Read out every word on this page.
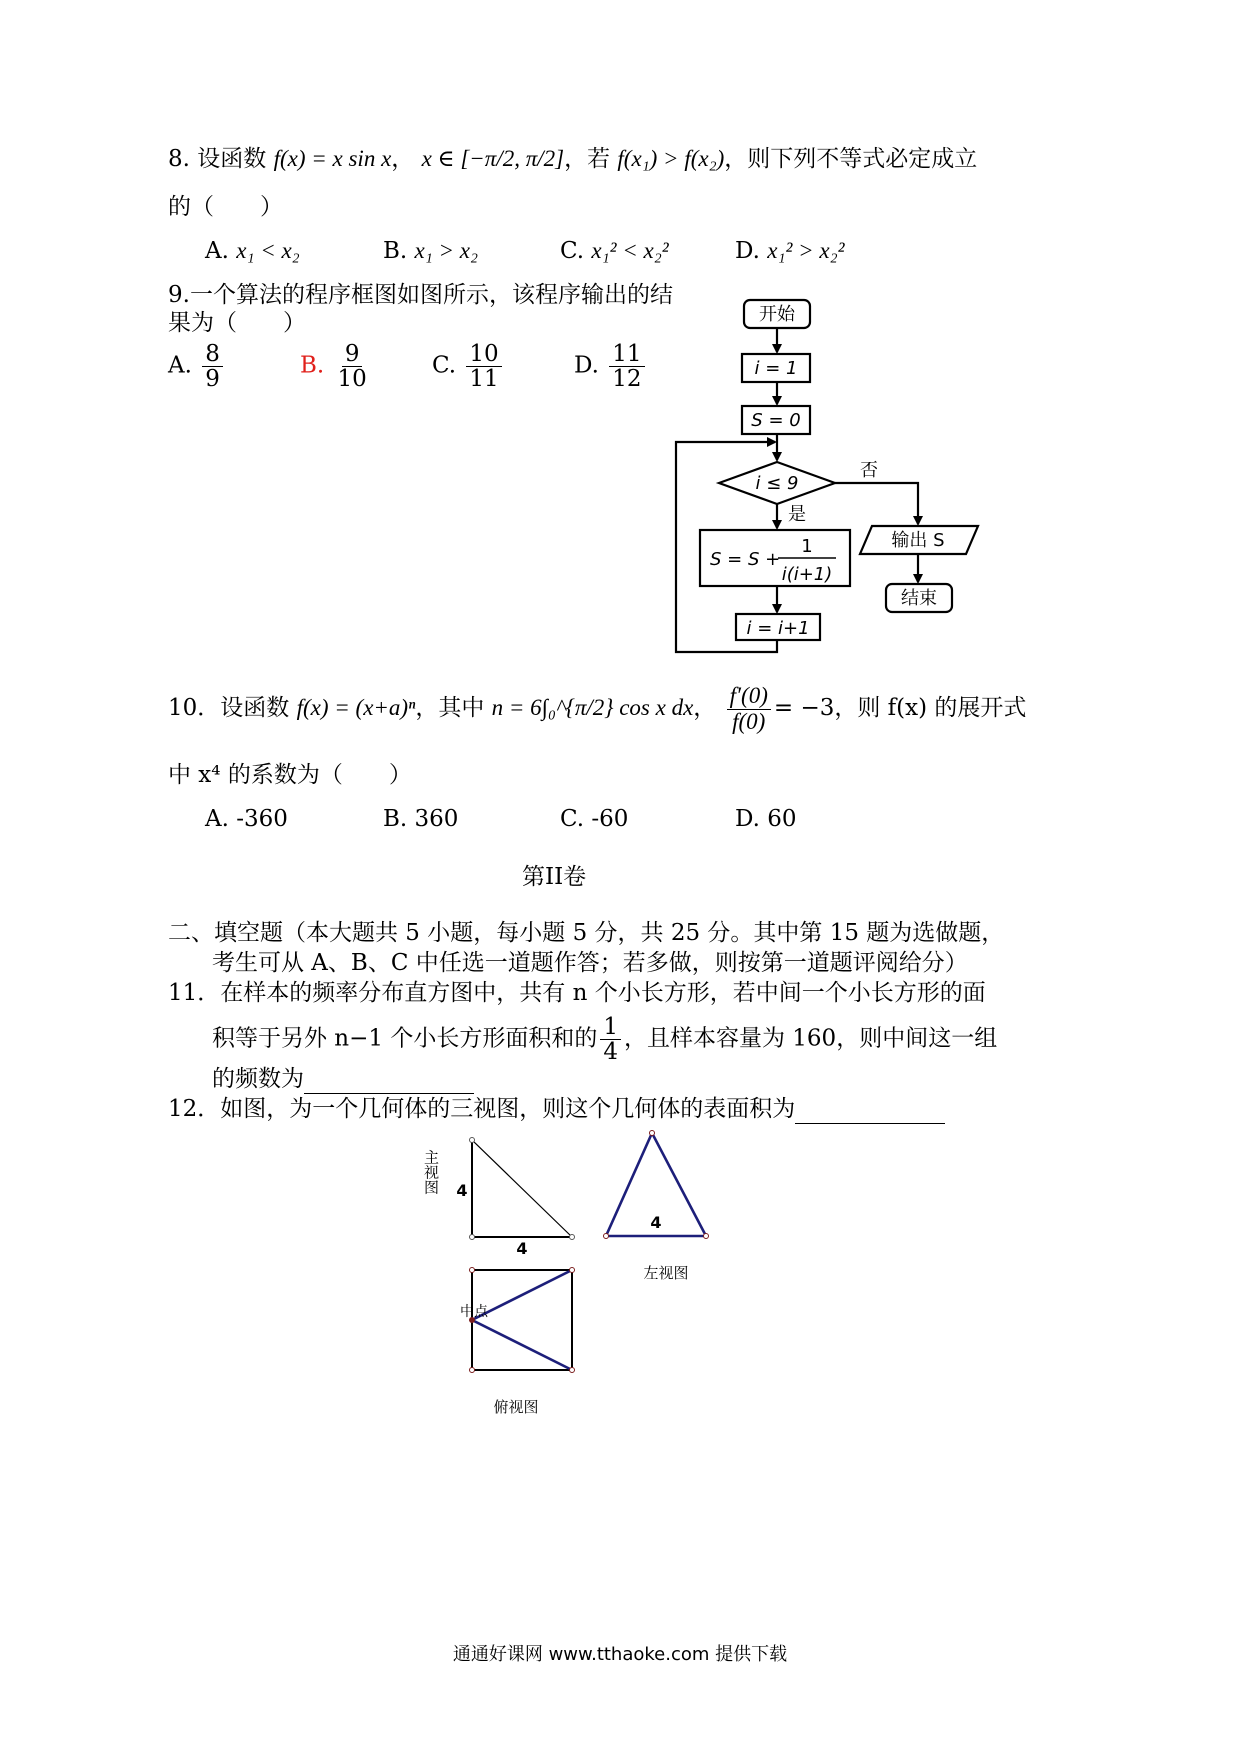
8. 设函数 f(x) = x sin x， x ∈ [−π/2, π/2]，若 f(x₁) > f(x₂)，则下列不等式必定成立
的（　　）
A. x₁ < x₂	B. x₁ > x₂	C. x₁² < x₂²	D. x₁² > x₂²
9.一个算法的程序框图如图所示，该程序输出的结
果为（　　）
A. $\frac{8}{9}$	B. $\frac{9}{10}$	C. $\frac{10}{11}$	D. $\frac{11}{12}$
开始
i = 1
S = 0
i ≤ 9
否
是
S = S +
1
i(i+1)
输出 S
结束
i = i+1
10．设函数 f(x) = (x+a)ⁿ，其中 n = 6∫₀^{π/2} cos x dx， $\frac{f'(0)}{f(0)} = -3$，则 f(x) 的展开式
中 x⁴ 的系数为（　　）
A. -360	B. 360	C. -60	D. 60
第II卷
二、填空题（本大题共 5 小题，每小题 5 分，共 25 分。其中第 15 题为选做题，
考生可从 A、B、C 中任选一道题作答；若多做，则按第一道题评阅给分）
11．在样本的频率分布直方图中，共有 n 个小长方形，若中间一个小长方形的面
积等于另外 n−1 个小长方形面积和的 $\frac{1}{4}$ ，且样本容量为 160，则中间这一组
的频数为
12．如图，为一个几何体的三视图，则这个几何体的表面积为
主视图 4
4
4
左视图
中点
俯视图
通通好课网 www.tthaoke.com 提供下载
